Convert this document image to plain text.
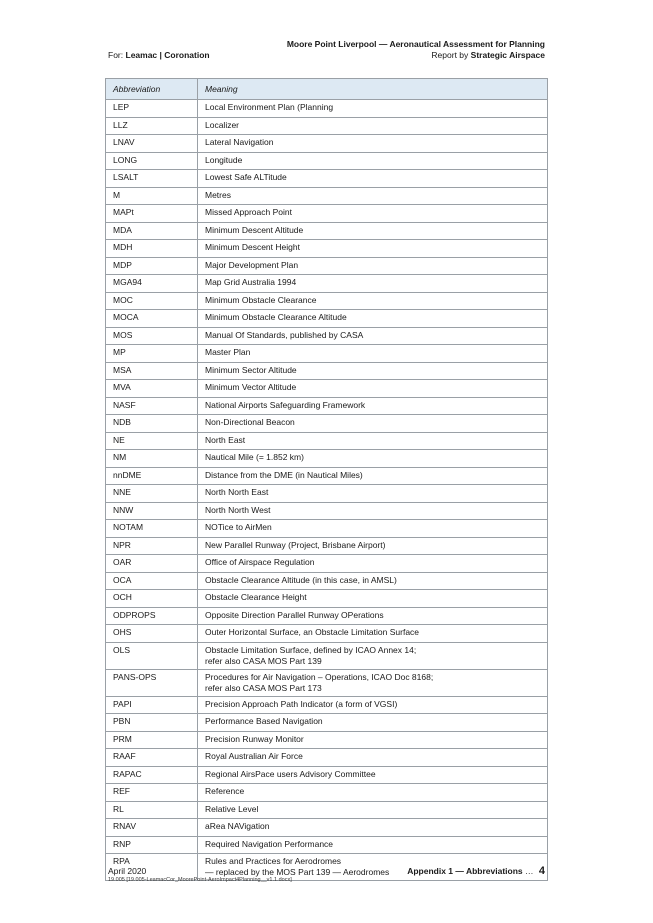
For: Leamac | Coronation
Moore Point Liverpool — Aeronautical Assessment for Planning
Report by Strategic Airspace
Abbreviation	Meaning
LEP	Local Environment Plan (Planning

LLZ	Localizer

LNAV	Lateral Navigation

LONG	Longitude

LSALT	Lowest Safe ALTitude

M	Metres

MAPt	Missed Approach Point

MDA	Minimum Descent Altitude

MDH	Minimum Descent Height

MDP	Major Development Plan

MGA94	Map Grid Australia 1994

MOC	Minimum Obstacle Clearance

MOCA	Minimum Obstacle Clearance Altitude

MOS	Manual Of Standards, published by CASA

MP	Master Plan

MSA	Minimum Sector Altitude

MVA	Minimum Vector Altitude

NASF	National Airports Safeguarding Framework

NDB	Non-Directional Beacon

NE	North East

NM	Nautical Mile (= 1.852 km)

nnDME	Distance from the DME (in Nautical Miles)

NNE	North North East

NNW	North North West

NOTAM	NOTice to AirMen

NPR	New Parallel Runway (Project, Brisbane Airport)

OAR	Office of Airspace Regulation

OCA	Obstacle Clearance Altitude (in this case, in AMSL)

OCH	Obstacle Clearance Height

ODPROPS	Opposite Direction Parallel Runway OPerations

OHS	Outer Horizontal Surface, an Obstacle Limitation Surface

OLS	Obstacle Limitation Surface, defined by ICAO Annex 14;
refer also CASA MOS Part 139

PANS-OPS	Procedures for Air Navigation – Operations, ICAO Doc 8168;
refer also CASA MOS Part 173

PAPI	Precision Approach Path Indicator (a form of VGSI)

PBN	Performance Based Navigation

PRM	Precision Runway Monitor

RAAF	Royal Australian Air Force

RAPAC	Regional AirsPace users Advisory Committee

REF	Reference

RL	Relative Level

RNAV	aRea NAVigation

RNP	Required Navigation Performance

RPA	Rules and Practices for Aerodromes
— replaced by the MOS Part 139 — Aerodromes
April 2020
19.005 [19.005-LeamacCor_MoorePoint-AeroImpact4Planning__v1.1.docx]
Appendix 1 — Abbreviations … 4
